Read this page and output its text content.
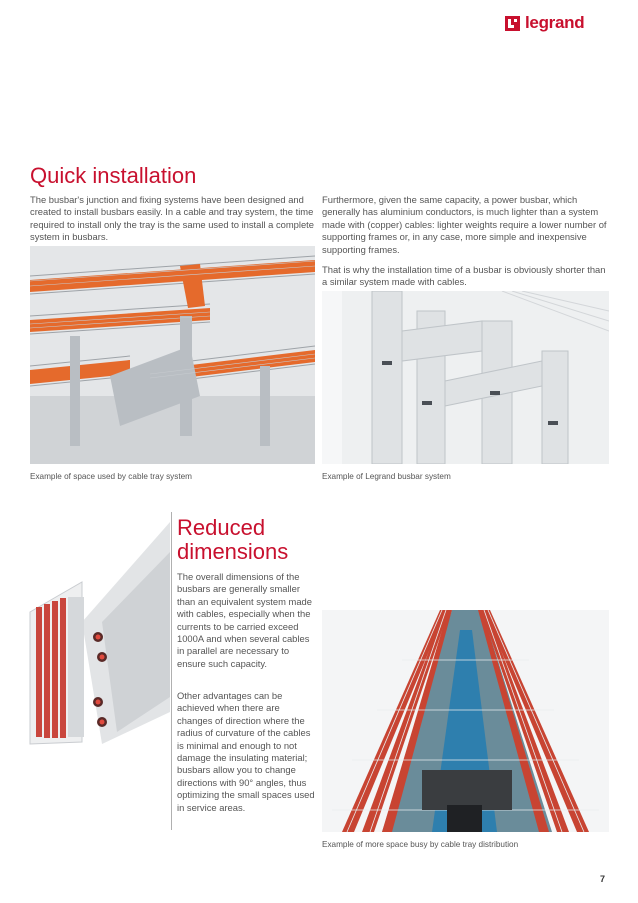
legrand
Quick installation

The busbar's junction and fixing systems have been designed and created to install busbars easily. In a cable and tray system, the time required to install only the tray is the same used to install a complete system in busbars.

Furthermore, given the same capacity, a power busbar, which generally has aluminium conductors, is much lighter than a system made with (copper) cables: lighter weights require a lower number of supporting frames or, in any case, more simple and inexpensive supporting frames.

That is why the installation time of a busbar is obviously shorter than a similar system made with cables.

Example of space used by cable tray system	Example of Legrand busbar system
Reduced
dimensions

The overall dimensions of the busbars are generally smaller than an equivalent system made with cables, especially when the currents to be carried exceed 1000A and when several cables in parallel are necessary to ensure such capacity.

Other advantages can be achieved when there are changes of direction where the radius of curvature of the cables is minimal and enough to not damage the insulating material; busbars allow you to change directions with 90° angles, thus optimizing the small spaces used in service areas.

Example of more space busy by cable tray distribution
7
